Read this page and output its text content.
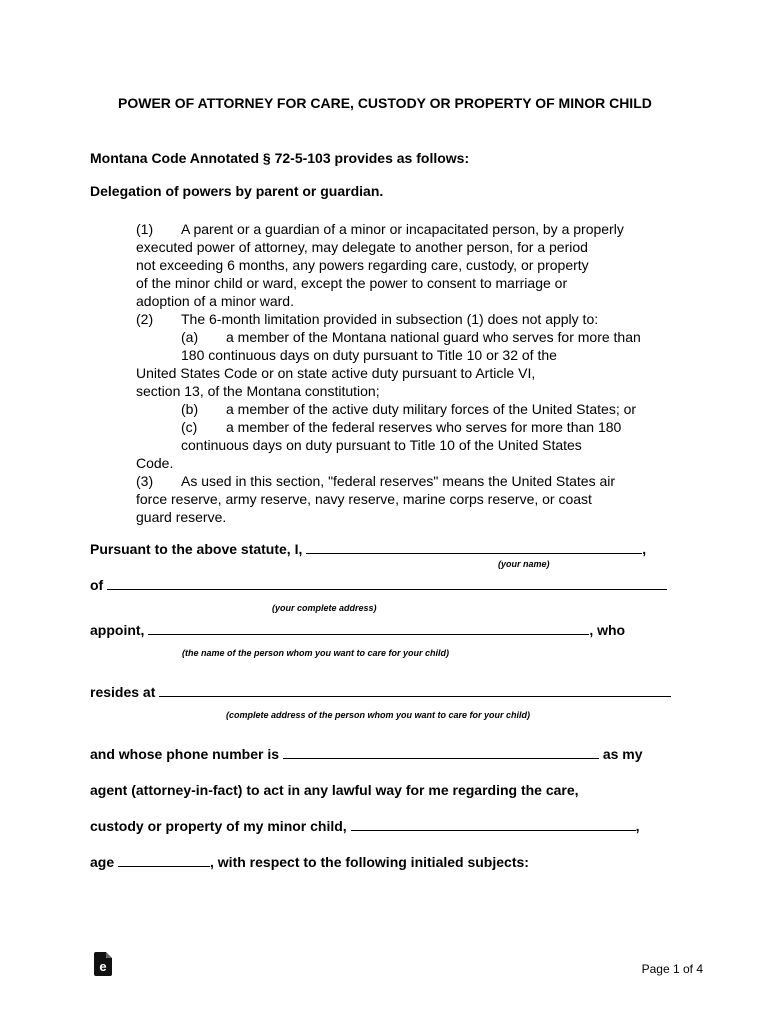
POWER OF ATTORNEY FOR CARE, CUSTODY OR PROPERTY OF MINOR CHILD
Montana Code Annotated § 72-5-103 provides as follows:
Delegation of powers by parent or guardian.
(1) A parent or a guardian of a minor or incapacitated person, by a properly
executed power of attorney, may delegate to another person, for a period
not exceeding 6 months, any powers regarding care, custody, or property
of the minor child or ward, except the power to consent to marriage or
adoption of a minor ward.
(2) The 6-month limitation provided in subsection (1) does not apply to:
(a) a member of the Montana national guard who serves for more than
180 continuous days on duty pursuant to Title 10 or 32 of the
United States Code or on state active duty pursuant to Article VI,
section 13, of the Montana constitution;
(b) a member of the active duty military forces of the United States; or
(c) a member of the federal reserves who serves for more than 180
continuous days on duty pursuant to Title 10 of the United States
Code.
(3) As used in this section, "federal reserves" means the United States air
force reserve, army reserve, navy reserve, marine corps reserve, or coast
guard reserve.
Pursuant to the above statute, I,	,
(your name)
of
(your complete address)
appoint,	, who
(the name of the person whom you want to care for your child)
resides at
(complete address of the person whom you want to care for your child)
and whose phone number is	as my
agent (attorney-in-fact) to act in any lawful way for me regarding the care,
custody or property of my minor child,	,
age	, with respect to the following initialed subjects:
e	Page 1 of 4
